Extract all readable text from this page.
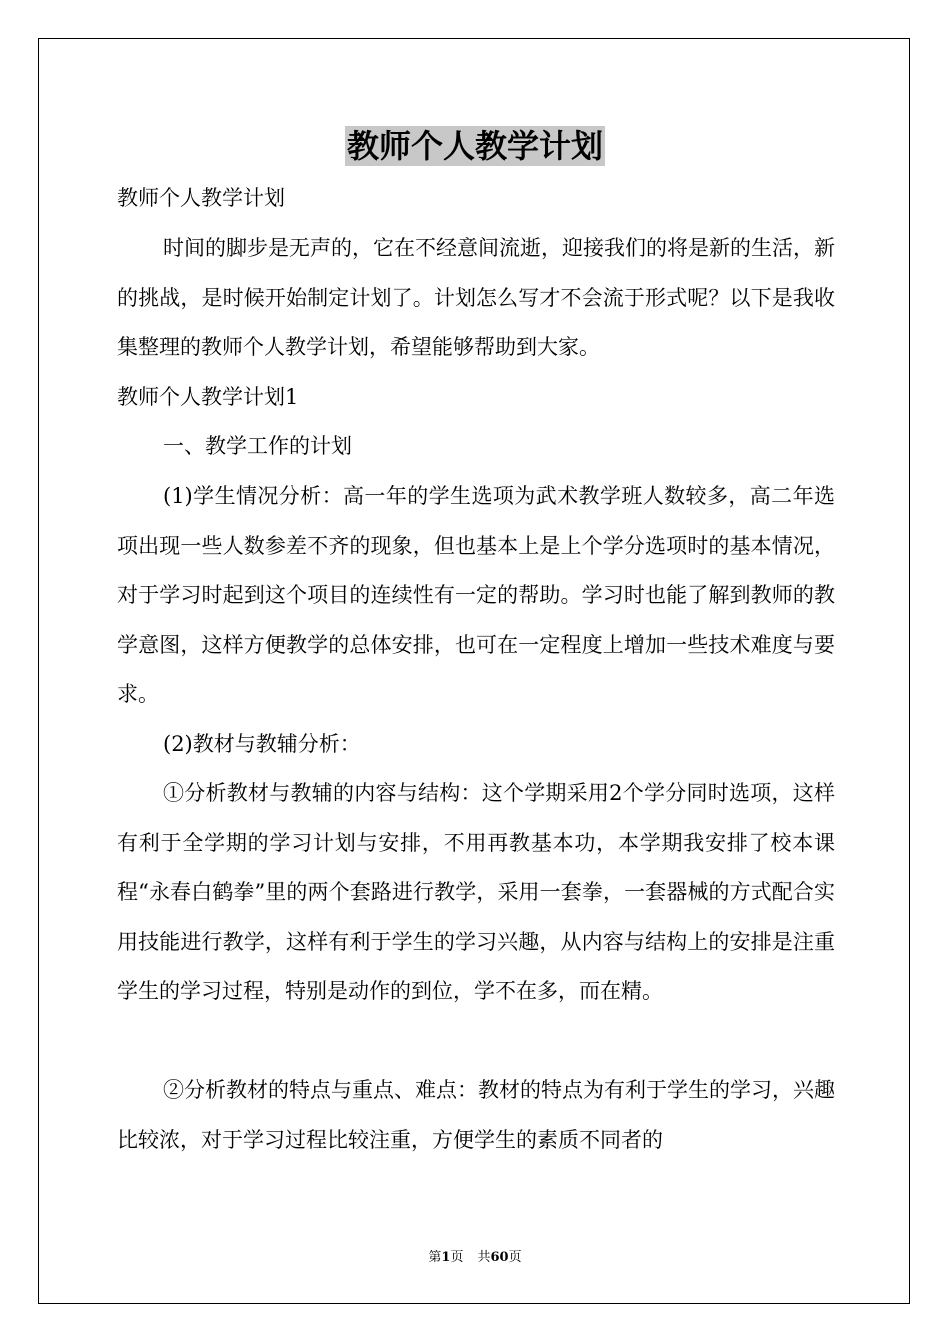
教师个人教学计划

教师个人教学计划

时间的脚步是无声的，它在不经意间流逝，迎接我们的将是新的生活，新的挑战，是时候开始制定计划了。计划怎么写才不会流于形式呢？以下是我收集整理的教师个人教学计划，希望能够帮助到大家。

教师个人教学计划1

一、教学工作的计划

(1)学生情况分析：高一年的学生选项为武术教学班人数较多，高二年选项出现一些人数参差不齐的现象，但也基本上是上个学分选项时的基本情况，对于学习时起到这个项目的连续性有一定的帮助。学习时也能了解到教师的教学意图，这样方便教学的总体安排，也可在一定程度上增加一些技术难度与要求。

(2)教材与教辅分析：

①分析教材与教辅的内容与结构：这个学期采用2个学分同时选项，这样有利于全学期的学习计划与安排，不用再教基本功，本学期我安排了校本课程“永春白鹤拳”里的两个套路进行教学，采用一套拳，一套器械的方式配合实用技能进行教学，这样有利于学生的学习兴趣，从内容与结构上的安排是注重学生的学习过程，特别是动作的到位，学不在多，而在精。

②分析教材的特点与重点、难点：教材的特点为有利于学生的学习，兴趣比较浓，对于学习过程比较注重，方便学生的素质不同者的

第1页 共60页
